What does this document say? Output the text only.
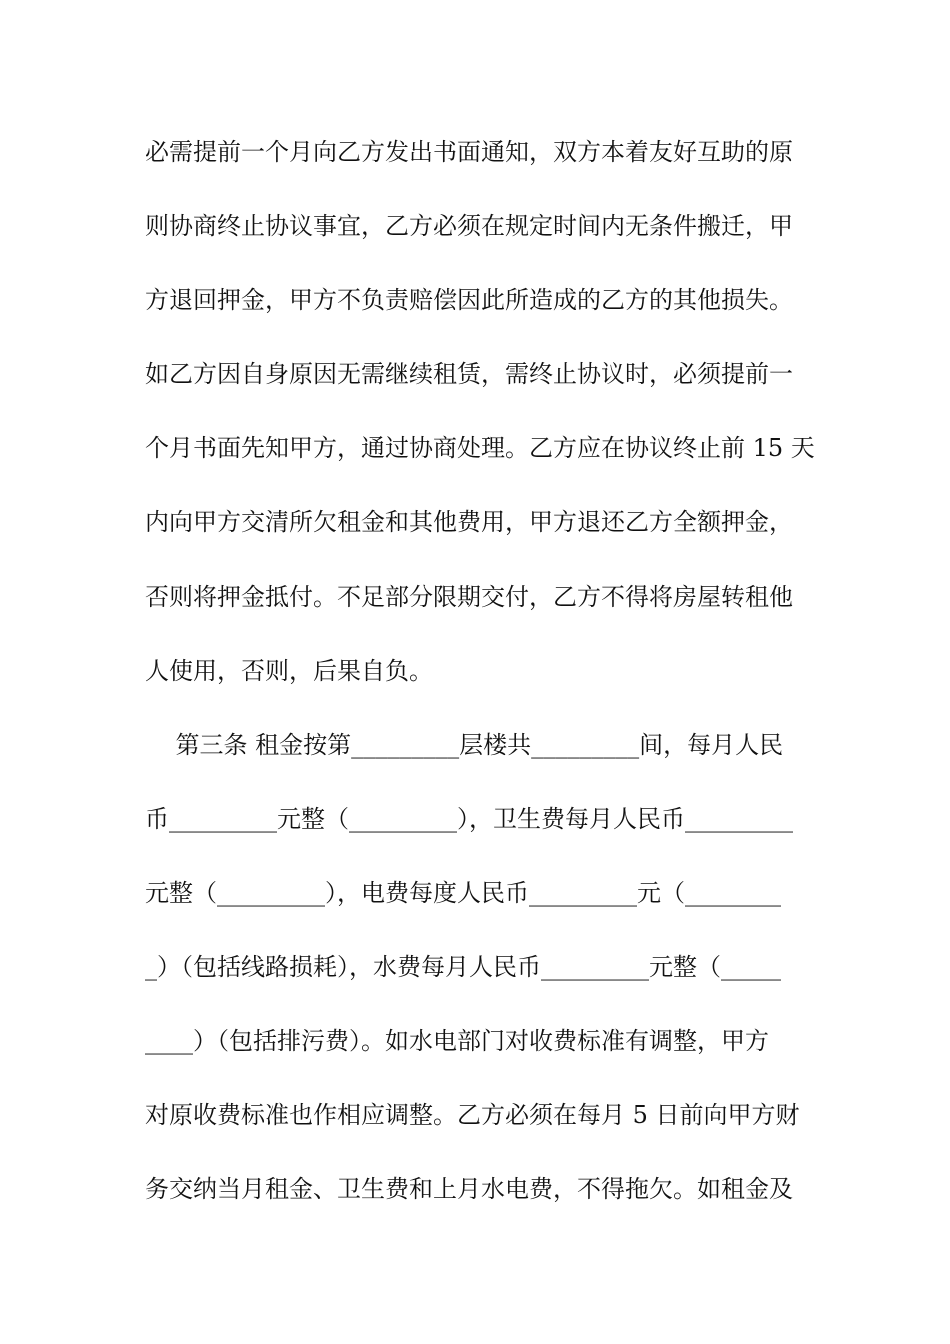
必需提前一个月向乙方发出书面通知，双方本着友好互助的原
则协商终止协议事宜，乙方必须在规定时间内无条件搬迁，甲
方退回押金，甲方不负责赔偿因此所造成的乙方的其他损失。
如乙方因自身原因无需继续租赁，需终止协议时，必须提前一
个月书面先知甲方，通过协商处理。乙方应在协议终止前 15 天
内向甲方交清所欠租金和其他费用，甲方退还乙方全额押金，
否则将押金抵付。不足部分限期交付，乙方不得将房屋转租他
人使用，否则，后果自负。
第三条 租金按第_________层楼共_________间，每月人民
币_________元整（_________），卫生费每月人民币_________
元整（_________），电费每度人民币_________元（________
_）（包括线路损耗），水费每月人民币_________元整（_____
____）（包括排污费）。如水电部门对收费标准有调整，甲方
对原收费标准也作相应调整。乙方必须在每月 5 日前向甲方财
务交纳当月租金、卫生费和上月水电费，不得拖欠。如租金及
